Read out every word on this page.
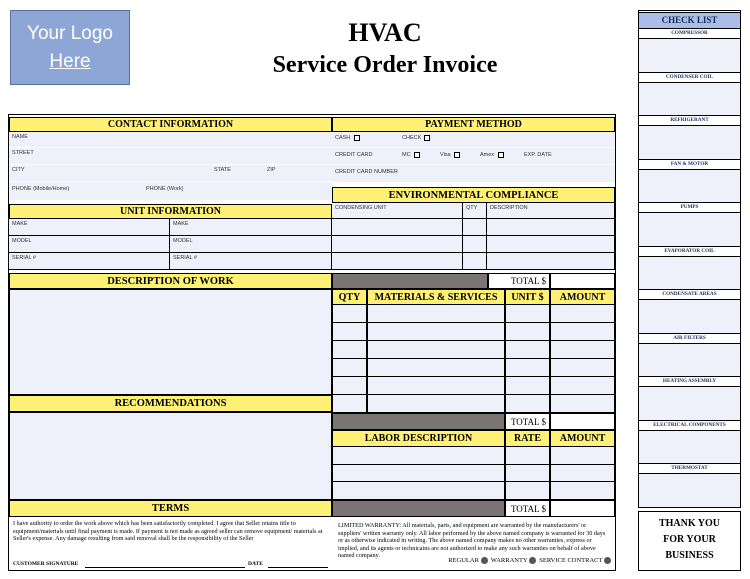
Your Logo
Here
HVAC
Service Order Invoice
CONTACT INFORMATION
NAME
STREET
CITY	STATE	ZIP
PHONE (Mobile/Home)	PHONE (Work)
UNIT INFORMATION
MAKE	MAKE
MODEL	MODEL
SERIAL #	SERIAL #
DESCRIPTION OF WORK
RECOMMENDATIONS
TERMS
I have authority to order the work above which has been satisfactorily completed. I agree that Seller retains title to equipment/materials until final payment is made. If payment is not made as agreed seller can remove equipment/ materials at Seller's expense. Any damage resulting from said removal shall be the responsibility of the Seller
CUSTOMER SIGNATURE	DATE
PAYMENT METHOD
CASH	CHECK
CREDIT CARD	MC	Visa	Amex	EXP. DATE
CREDIT CARD NUMBER
ENVIRONMENTAL COMPLIANCE
CONDENSING UNIT	QTY DESCRIPTION
TOTAL $
QTY	MATERIALS & SERVICES	UNIT $	AMOUNT
TOTAL $
LABOR DESCRIPTION	RATE	AMOUNT
TOTAL $
LIMITED WARRANTY: All materials, parts, and equipment are warranted by the manufacturers' or suppliers' written warranty only. All labor performed by the above named company is warranted for 30 days or as otherwise indicated in writing. The above named company makes no other warranties, express or implied, and its agents or technicains are not authorized to make any such warranties on behalf of above named company.
REGULAR WARRANTY SERVICE CONTRACT
CHECK LIST
COMPRESSOR
CONDENSER COIL
REFRIGERANT
FAN & MOTOR
PUMPS
EVAPORATOR COIL
CONDENSATE AREAS
AIR FILTERS
HEATING ASSEMBLY
ELECTRICAL COMPONENTS
THERMOSTAT
THANK YOU
FOR YOUR
BUSINESS
